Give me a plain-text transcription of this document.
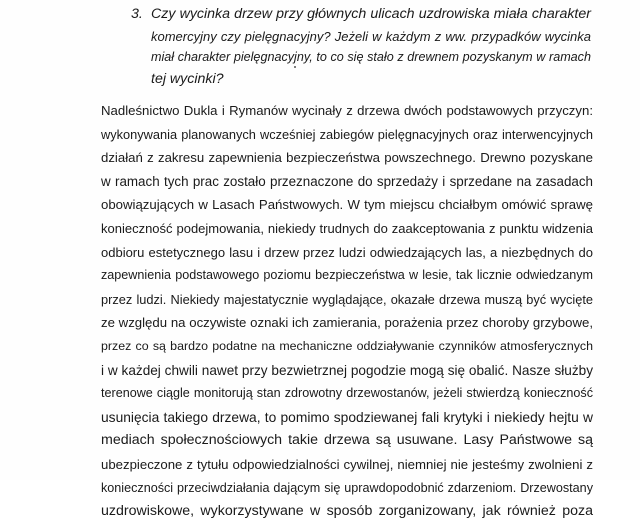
3. Czy wycinka drzew przy głównych ulicach uzdrowiska miała charakter
komercyjny czy pielęgnacyjny? Jeżeli w każdym z ww. przypadków wycinka
miał charakter pielęgnacyjny, to co się stało z drewnem pozyskanym w ramach
tej wycinki?
Nadleśnictwo Dukla i Rymanów wycinały z drzewa dwóch podstawowych przyczyn:
wykonywania planowanych wcześniej zabiegów pielęgnacyjnych oraz interwencyjnych
działań z zakresu zapewnienia bezpieczeństwa powszechnego. Drewno pozyskane
w ramach tych prac zostało przeznaczone do sprzedaży i sprzedane na zasadach
obowiązujących w Lasach Państwowych. W tym miejscu chciałbym omówić sprawę
konieczność podejmowania, niekiedy trudnych do zaakceptowania z punktu widzenia
odbioru estetycznego lasu i drzew przez ludzi odwiedzających las, a niezbędnych do
zapewnienia podstawowego poziomu bezpieczeństwa w lesie, tak licznie odwiedzanym
przez ludzi. Niekiedy majestatycznie wyglądające, okazałe drzewa muszą być wycięte
ze względu na oczywiste oznaki ich zamierania, porażenia przez choroby grzybowe,
przez co są bardzo podatne na mechaniczne oddziaływanie czynników atmosferycznych
i w każdej chwili nawet przy bezwietrznej pogodzie mogą się obalić. Nasze służby
terenowe ciągle monitorują stan zdrowotny drzewostanów, jeżeli stwierdzą konieczność
usunięcia takiego drzewa, to pomimo spodziewanej fali krytyki i niekiedy hejtu w
mediach społecznościowych takie drzewa są usuwane. Lasy Państwowe są
ubezpieczone z tytułu odpowiedzialności cywilnej, niemniej nie jesteśmy zwolnieni z
konieczności przeciwdziałania dającym się uprawdopodobnić zdarzeniom. Drzewostany
uzdrowiskowe, wykorzystywane w sposób zorganizowany, jak również poza
